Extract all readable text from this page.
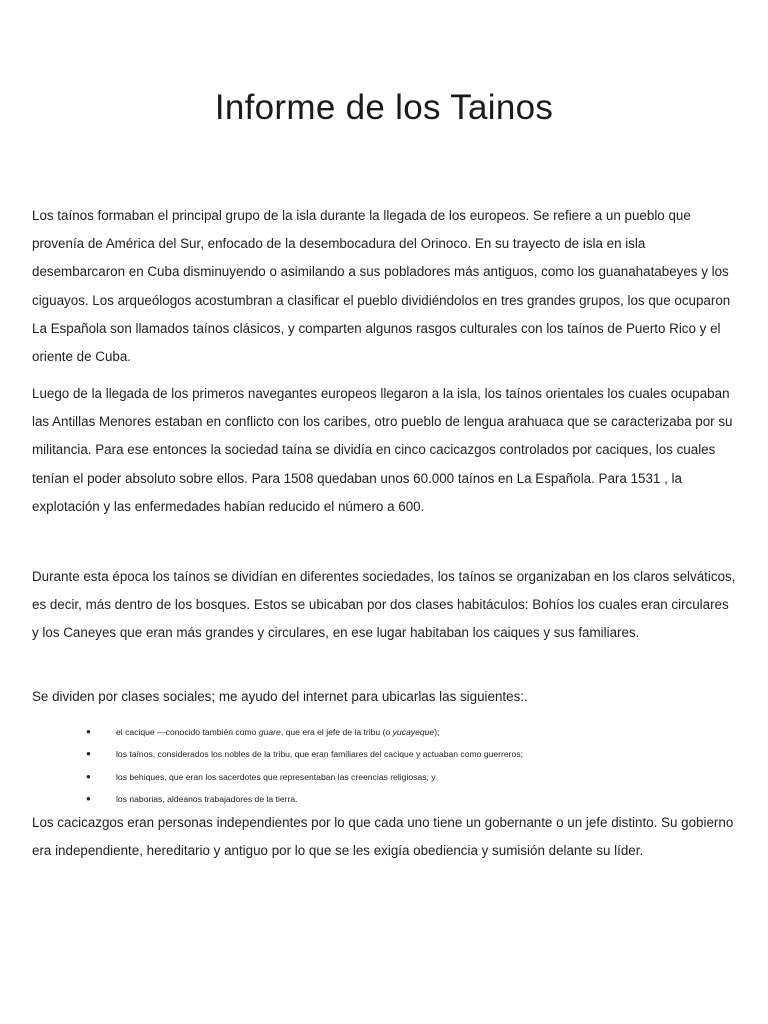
Informe de los Tainos

Los taínos formaban el principal grupo de la isla durante la llegada de los europeos. Se refiere a un pueblo que provenía de América del Sur, enfocado de la desembocadura del Orinoco. En su trayecto de isla en isla desembarcaron en Cuba disminuyendo o asimilando a sus pobladores más antiguos, como los guanahatabeyes y los ciguayos. Los arqueólogos acostumbran a clasificar el pueblo dividiéndolos en tres grandes grupos, los que ocuparon La Española son llamados taínos clásicos, y comparten algunos rasgos culturales con los taínos de Puerto Rico y el oriente de Cuba.

Luego de la llegada de los primeros navegantes europeos llegaron a la isla, los taínos orientales los cuales ocupaban las Antillas Menores estaban en conflicto con los caribes, otro pueblo de lengua arahuaca que se caracterizaba por su militancia. Para ese entonces la sociedad taína se dividía en cinco cacicazgos controlados por caciques, los cuales tenían el poder absoluto sobre ellos. Para 1508 quedaban unos 60.000 taínos en La Española. Para 1531 , la explotación y las enfermedades habían reducido el número a 600.

Durante esta época los taínos se dividían en diferentes sociedades, los taínos se organizaban en los claros selváticos, es decir, más dentro de los bosques. Estos se ubicaban por dos clases habitáculos: Bohíos los cuales eran circulares y los Caneyes que eran más grandes y circulares, en ese lugar habitaban los caiques y sus familiares.

Se dividen por clases sociales; me ayudo del internet para ubicarlas las siguientes:.

●	el cacique —conocido también como guare, que era el jefe de la tribu (o yucayeque);
●	los taínos, considerados los nobles de la tribu, que eran familiares del cacique y actuaban como guerreros;
●	los behiques, que eran los sacerdotes que representaban las creencias religiosas; y
●	los naborias, aldeanos trabajadores de la tierra.

Los cacicazgos eran personas independientes por lo que cada uno tiene un gobernante o un jefe distinto. Su gobierno era independiente, hereditario y antiguo por lo que se les exigía obediencia y sumisión delante su líder.
